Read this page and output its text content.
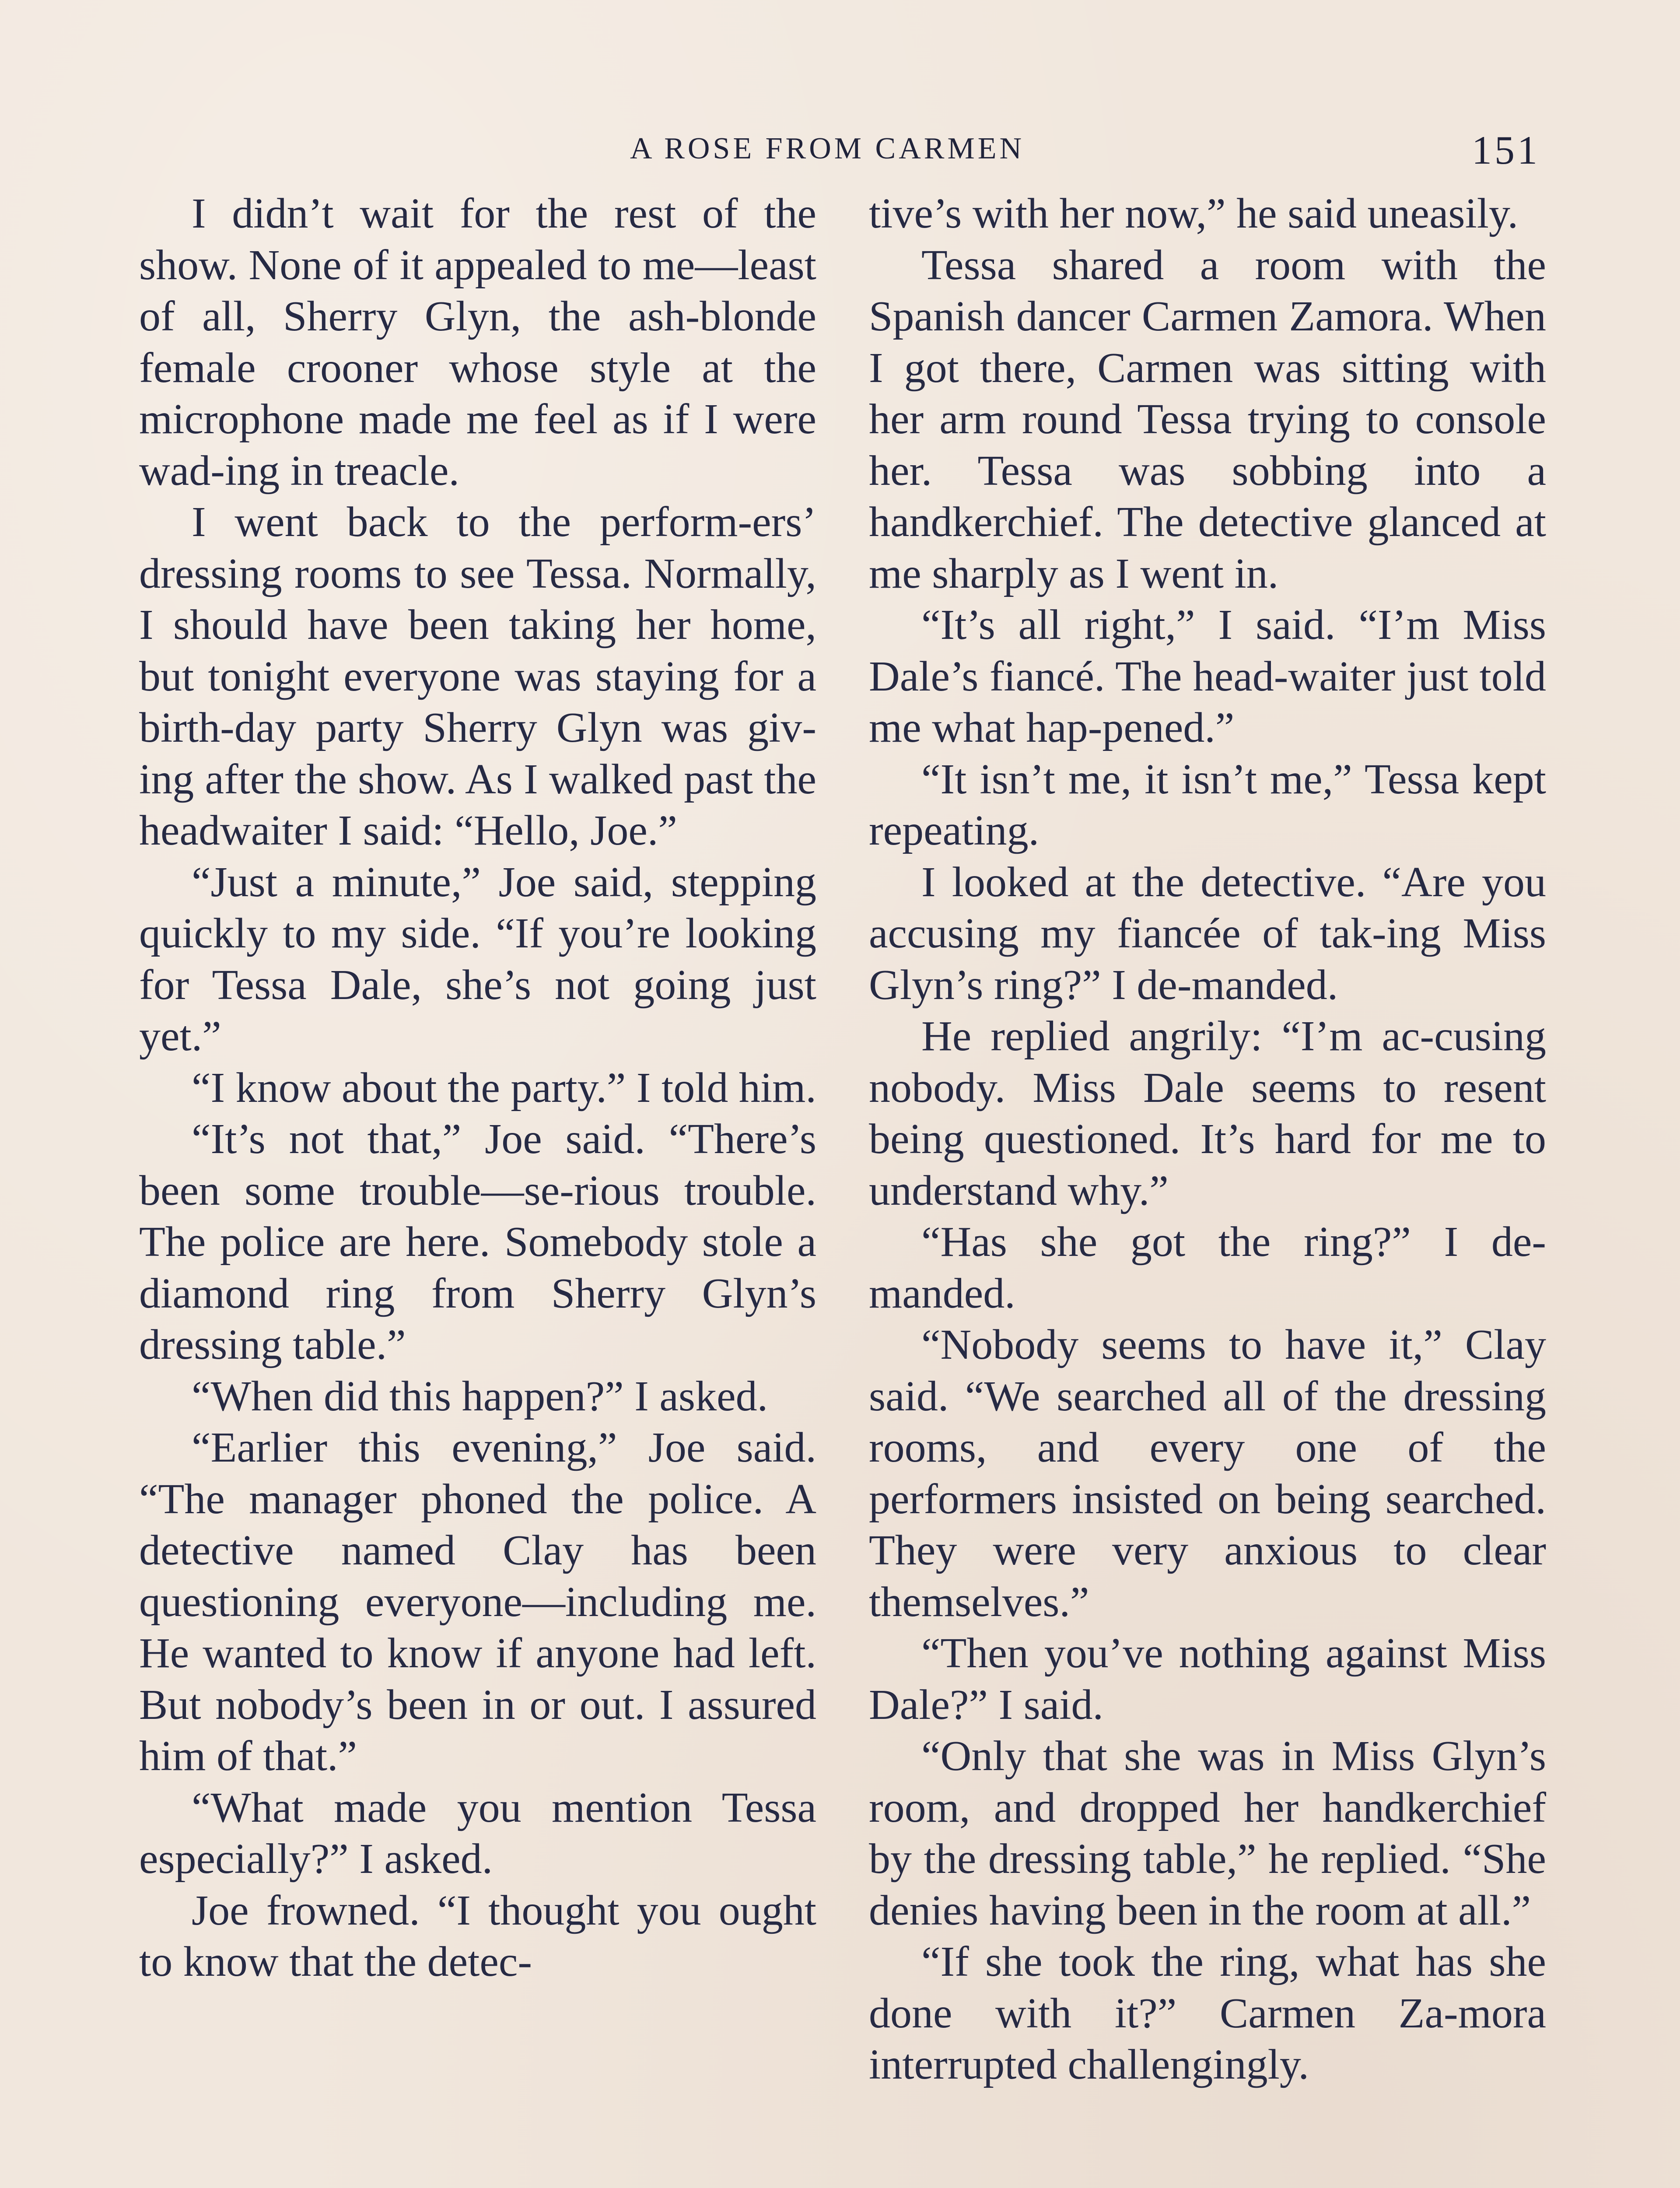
A ROSE FROM CARMEN	151

I didn’t wait for the rest of the show. None of it appealed to me—least of all, Sherry Glyn, the ash-blonde female crooner whose style at the microphone made me feel as if I were wad-ing in treacle.

I went back to the perform-ers’ dressing rooms to see Tessa. Normally, I should have been taking her home, but tonight everyone was staying for a birth-day party Sherry Glyn was giv-ing after the show. As I walked past the headwaiter I said: “Hello, Joe.”

“Just a minute,” Joe said, stepping quickly to my side. “If you’re looking for Tessa Dale, she’s not going just yet.”

“I know about the party.” I told him.

“It’s not that,” Joe said. “There’s been some trouble—se-rious trouble. The police are here. Somebody stole a diamond ring from Sherry Glyn’s dressing table.”

“When did this happen?” I asked.

“Earlier this evening,” Joe said. “The manager phoned the police. A detective named Clay has been questioning everyone—including me. He wanted to know if anyone had left. But nobody’s been in or out. I assured him of that.”

“What made you mention Tessa especially?” I asked.

Joe frowned. “I thought you ought to know that the detec-

tive’s with her now,” he said uneasily.

Tessa shared a room with the Spanish dancer Carmen Zamora. When I got there, Carmen was sitting with her arm round Tessa trying to console her. Tessa was sobbing into a handkerchief. The detective glanced at me sharply as I went in.

“It’s all right,” I said. “I’m Miss Dale’s fiancé. The head-waiter just told me what hap-pened.”

“It isn’t me, it isn’t me,” Tessa kept repeating.

I looked at the detective. “Are you accusing my fiancée of tak-ing Miss Glyn’s ring?” I de-manded.

He replied angrily: “I’m ac-cusing nobody. Miss Dale seems to resent being questioned. It’s hard for me to understand why.”

“Has she got the ring?” I de-manded.

“Nobody seems to have it,” Clay said. “We searched all of the dressing rooms, and every one of the performers insisted on being searched. They were very anxious to clear themselves.”

“Then you’ve nothing against Miss Dale?” I said.

“Only that she was in Miss Glyn’s room, and dropped her handkerchief by the dressing table,” he replied. “She denies having been in the room at all.”

“If she took the ring, what has she done with it?” Carmen Za-mora interrupted challengingly.
